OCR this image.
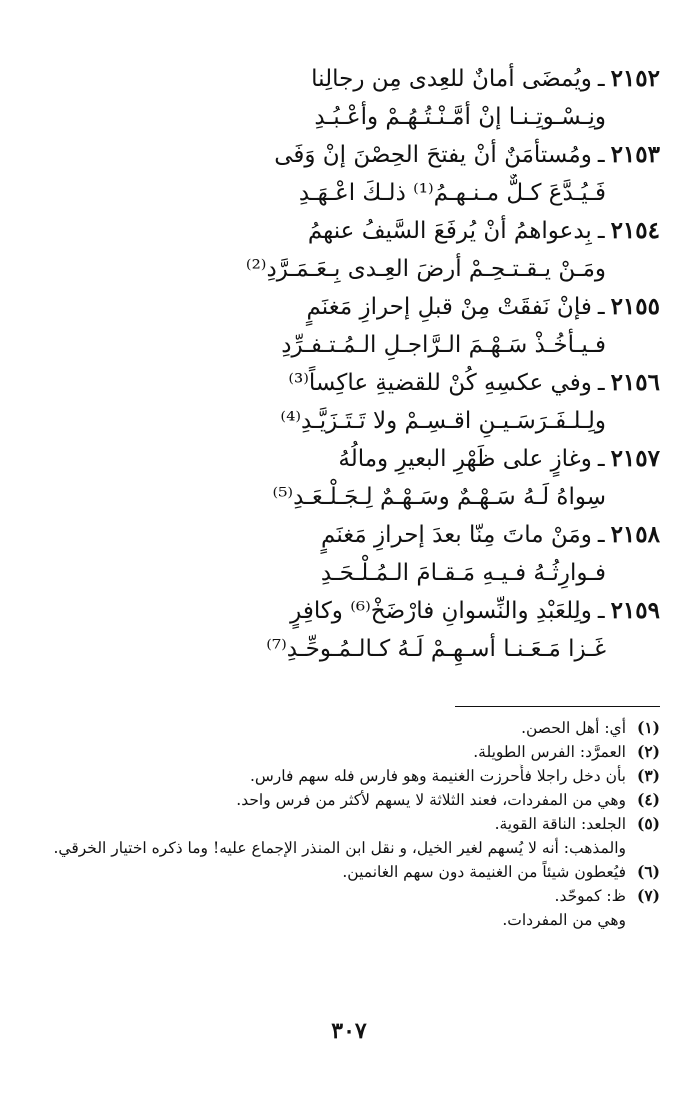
٢١٥٢
ـ
ويُمضَى أمانٌ للعِدى مِن رجالِنا
ونِـسْـوتِـنـا إنْ أمَّـنْـتُـهُـمْ وأعْـبُـدِ
٢١٥٣
ـ
ومُستأمَنٌ أنْ يفتحَ الحِصْنَ إنْ وَفَى
فَـيُـدَّعَ كـلٌّ مـنـهـمُ⁽¹⁾ ذلـكَ اعْـهَـدِ
٢١٥٤
ـ
بِدعواهمُ أنْ يُرفَعَ السَّيفُ عنهمُ
ومَـنْ يـقـتـحِـمْ أرضَ العِـدى بِـعَـمَـرَّدِ⁽²⁾
٢١٥٥
ـ
فإنْ نَفقَتْ مِنْ قبلِ إحرازِ مَغنَمٍ
فـيـأخُـذْ سَـهْـمَ الـرَّاجـلِ الـمُـتـفـرِّدِ
٢١٥٦
ـ
وفي عكسِهِ كُنْ للقضيةِ عاكِساً⁽³⁾
ولِـلـفَـرَسَـيـنِ اقـسِـمْ ولا تَـتَـزَيَّـدِ⁽⁴⁾
٢١٥٧
ـ
وغازٍ على ظَهْرِ البعيرِ ومالُهُ
سِواهُ لَـهُ سَـهْـمٌ وسَـهْـمٌ لِـجَـلْـعَـدِ⁽⁵⁾
٢١٥٨
ـ
ومَنْ ماتَ مِنّا بعدَ إحرازِ مَغنَمٍ
فـوارِثُـهُ فـيـهِ مَـقـامَ الـمُـلْـحَـدِ
٢١٥٩
ـ
ولِلعَبْدِ والنِّسوانِ فارْضَخْ⁽⁶⁾ وكافِرٍ
غَـزا مَـعَـنـا أسـهِـمْ لَـهُ كـالـمُـوحِّـدِ⁽⁷⁾
(١)
أي: أهل الحصن.
(٢)
العمرَّد: الفرس الطويلة.
(٣)
بأن دخل راجلا فأُحرزت الغنيمة وهو فارس فله سهم فارس.
(٤)
وهي من المفردات، فعند الثلاثة لا يسهم لأكثر من فرس واحد.
(٥)
الجلعد: الناقة القوية.
والمذهب: أنه لا يُسهم لغير الخيل، و نقل ابن المنذر الإجماع عليه! وما ذكره اختيار الخرقي.
(٦)
فيُعطون شيئاً من الغنيمة دون سهم الغانمين.
(٧)
ظ: كموحّد.
وهي من المفردات.
٣٠٧
